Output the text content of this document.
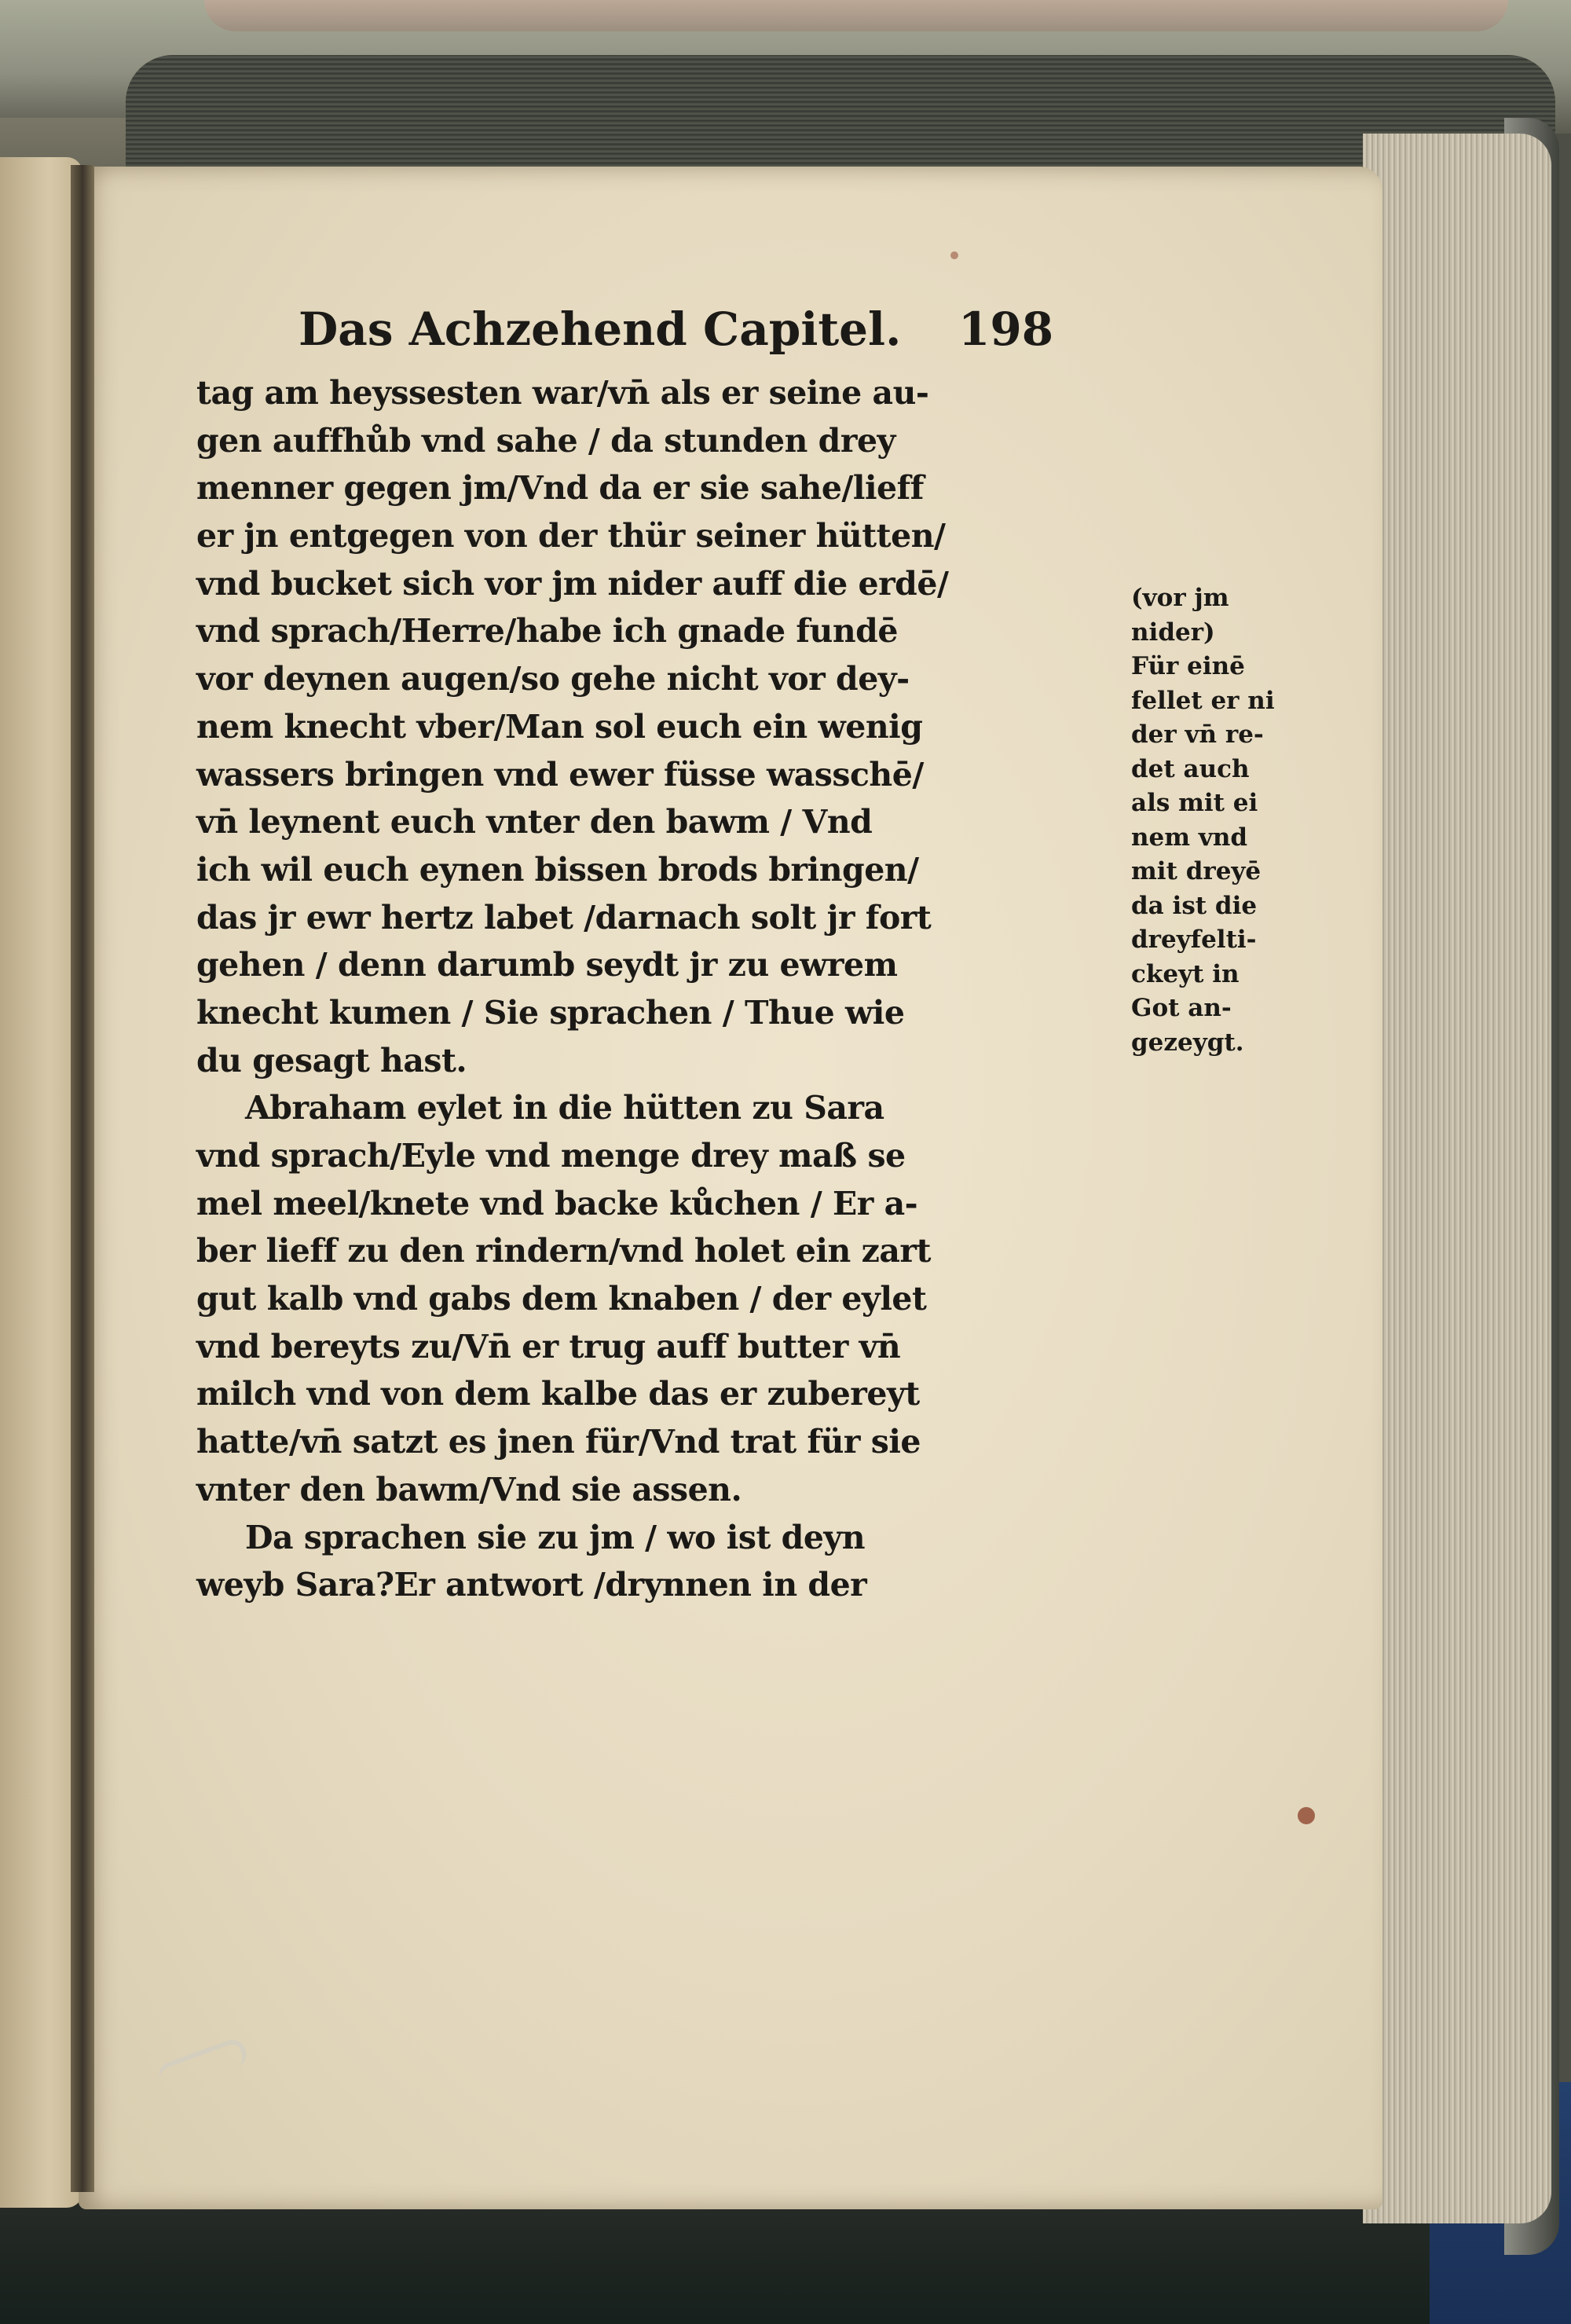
Das Achzehend Capitel. 198
tag am heyssesten war/vn̄ als er seine au-
gen auffhůb vnd sahe / da stunden drey
menner gegen jm/Vnd da er sie sahe/lieff
er jn entgegen von der thür seiner hütten/
vnd bucket sich vor jm nider auff die erdē/
vnd sprach/Herre/habe ich gnade fundē
vor deynen augen/so gehe nicht vor dey-
nem knecht vber/Man sol euch ein wenig
wassers bringen vnd ewer füsse wasschē/
vn̄ leynent euch vnter den bawm / Vnd
ich wil euch eynen bissen brods bringen/
das jr ewr hertz labet /darnach solt jr fort
gehen / denn darumb seydt jr zu ewrem
knecht kumen / Sie sprachen / Thue wie
du gesagt hast.
Abraham eylet in die hütten zu Sara
vnd sprach/Eyle vnd menge drey maß se
mel meel/knete vnd backe kůchen / Er a-
ber lieff zu den rindern/vnd holet ein zart
gut kalb vnd gabs dem knaben / der eylet
vnd bereyts zu/Vn̄ er trug auff butter vn̄
milch vnd von dem kalbe das er zubereyt
hatte/vn̄ satzt es jnen für/Vnd trat für sie
vnter den bawm/Vnd sie assen.
Da sprachen sie zu jm / wo ist deyn
weyb Sara?Er antwort /drynnen in der
(vor jm
nider)
Für einē
fellet er ni
der vn̄ re-
det auch
als mit ei
nem vnd
mit dreyē
da ist die
dreyfelti-
ckeyt in
Got an-
gezeygt.
